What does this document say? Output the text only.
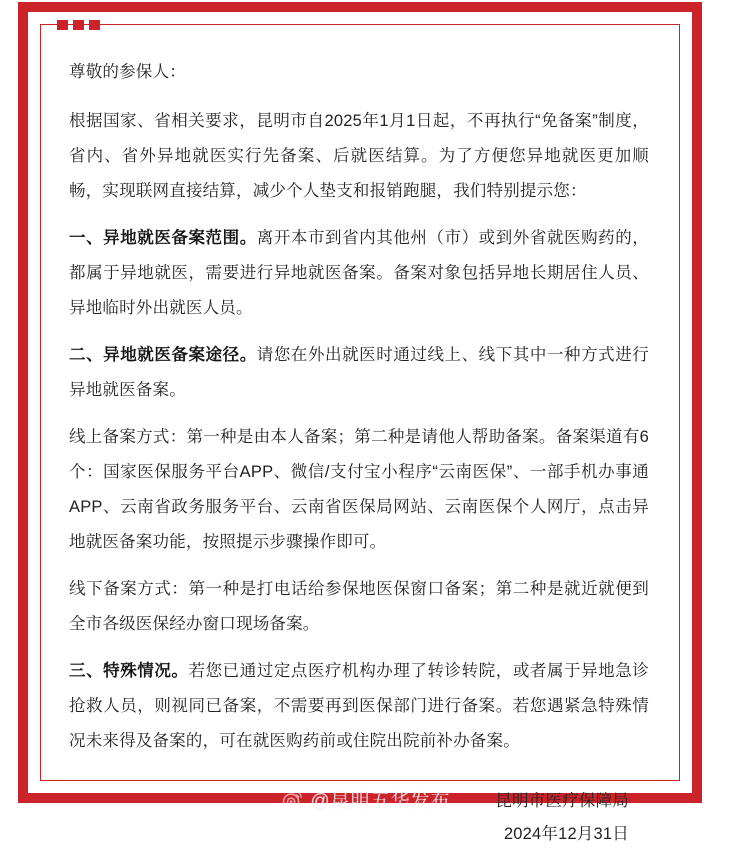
尊敬的参保人：

根据国家、省相关要求，昆明市自2025年1月1日起，不再执行“免备案”制度，省内、省外异地就医实行先备案、后就医结算。为了方便您异地就医更加顺畅，实现联网直接结算，减少个人垫支和报销跑腿，我们特别提示您：

一、异地就医备案范围。离开本市到省内其他州（市）或到外省就医购药的，都属于异地就医，需要进行异地就医备案。备案对象包括异地长期居住人员、异地临时外出就医人员。

二、异地就医备案途径。请您在外出就医时通过线上、线下其中一种方式进行异地就医备案。

线上备案方式：第一种是由本人备案；第二种是请他人帮助备案。备案渠道有6个：国家医保服务平台APP、微信/支付宝小程序“云南医保”、一部手机办事通APP、云南省政务服务平台、云南省医保局网站、云南医保个人网厅，点击异地就医备案功能，按照提示步骤操作即可。

线下备案方式：第一种是打电话给参保地医保窗口备案；第二种是就近就便到全市各级医保经办窗口现场备案。

三、特殊情况。若您已通过定点医疗机构办理了转诊转院，或者属于异地急诊抢救人员，则视同已备案，不需要再到医保部门进行备案。若您遇紧急特殊情况未来得及备案的，可在就医购药前或住院出院前补办备案。

昆明市医疗保障局
2024年12月31日
@昆明五华发布
